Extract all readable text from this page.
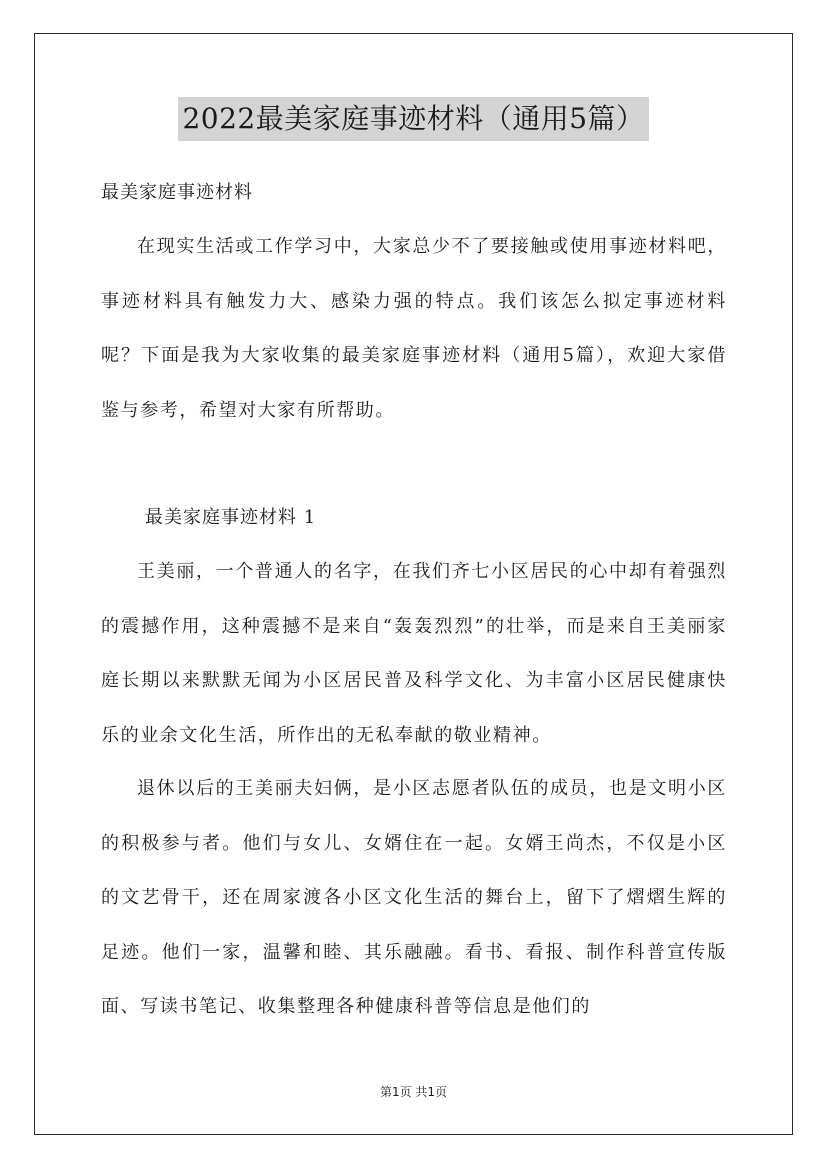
2022最美家庭事迹材料（通用5篇）
最美家庭事迹材料

在现实生活或工作学习中，大家总少不了要接触或使用事迹材料吧，事迹材料具有触发力大、感染力强的特点。我们该怎么拟定事迹材料呢？下面是我为大家收集的最美家庭事迹材料（通用5篇），欢迎大家借鉴与参考，希望对大家有所帮助。

最美家庭事迹材料 1

王美丽，一个普通人的名字，在我们齐七小区居民的心中却有着强烈的震撼作用，这种震撼不是来自“轰轰烈烈”的壮举，而是来自王美丽家庭长期以来默默无闻为小区居民普及科学文化、为丰富小区居民健康快乐的业余文化生活，所作出的无私奉献的敬业精神。

退休以后的王美丽夫妇俩，是小区志愿者队伍的成员，也是文明小区的积极参与者。他们与女儿、女婿住在一起。女婿王尚杰，不仅是小区的文艺骨干，还在周家渡各小区文化生活的舞台上，留下了熠熠生辉的足迹。他们一家，温馨和睦、其乐融融。看书、看报、制作科普宣传版面、写读书笔记、收集整理各种健康科普等信息是他们的

第1页 共1页
